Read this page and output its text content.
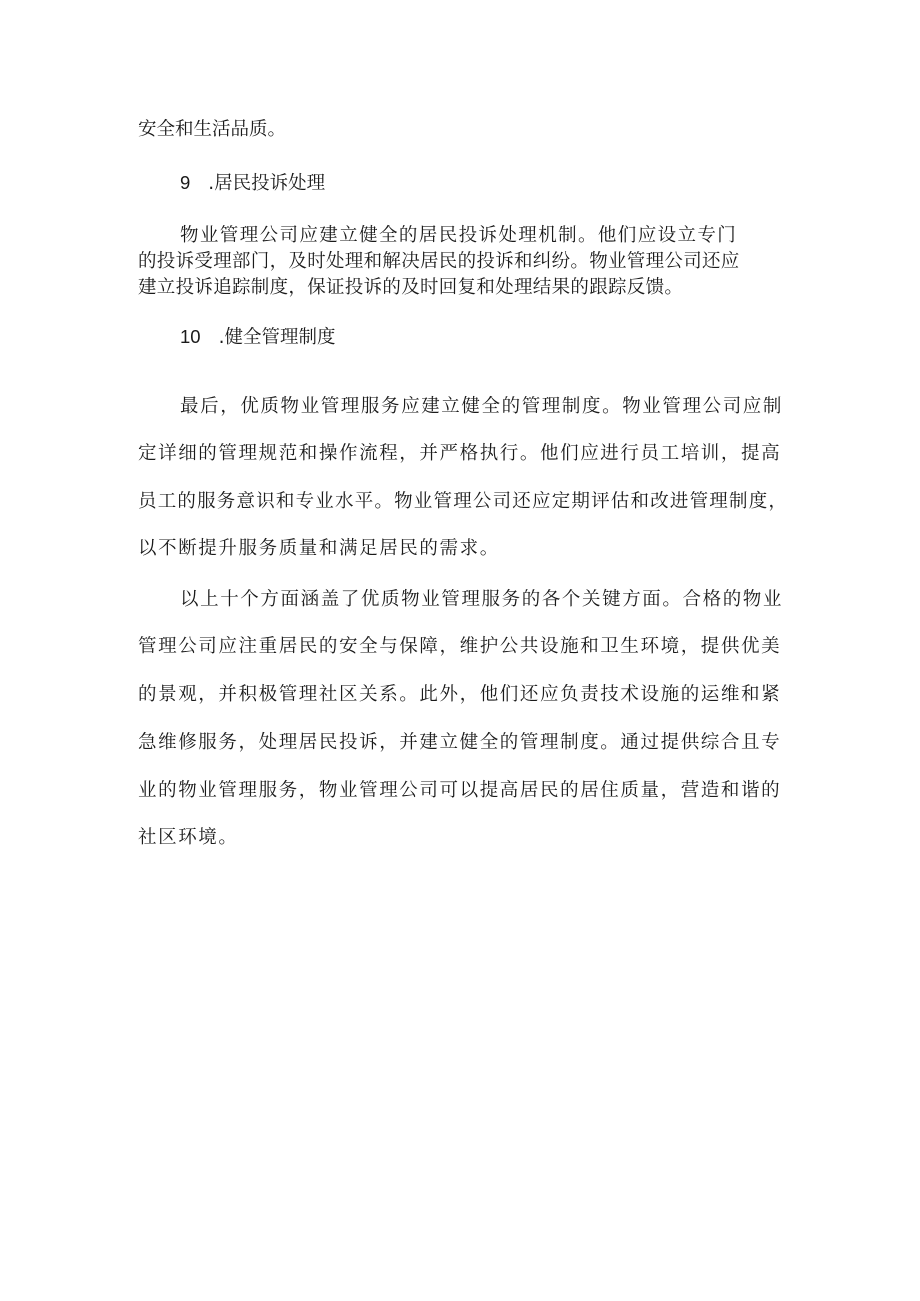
安全和生活品质。
9 .居民投诉处理
物业管理公司应建立健全的居民投诉处理机制。他们应设立专门
的投诉受理部门，及时处理和解决居民的投诉和纠纷。物业管理公司还应
建立投诉追踪制度，保证投诉的及时回复和处理结果的跟踪反馈。
10 .健全管理制度
最后，优质物业管理服务应建立健全的管理制度。物业管理公司应制
定详细的管理规范和操作流程，并严格执行。他们应进行员工培训，提高
员工的服务意识和专业水平。物业管理公司还应定期评估和改进管理制度，
以不断提升服务质量和满足居民的需求。
以上十个方面涵盖了优质物业管理服务的各个关键方面。合格的物业
管理公司应注重居民的安全与保障，维护公共设施和卫生环境，提供优美
的景观，并积极管理社区关系。此外，他们还应负责技术设施的运维和紧
急维修服务，处理居民投诉，并建立健全的管理制度。通过提供综合且专
业的物业管理服务，物业管理公司可以提高居民的居住质量，营造和谐的
社区环境。
